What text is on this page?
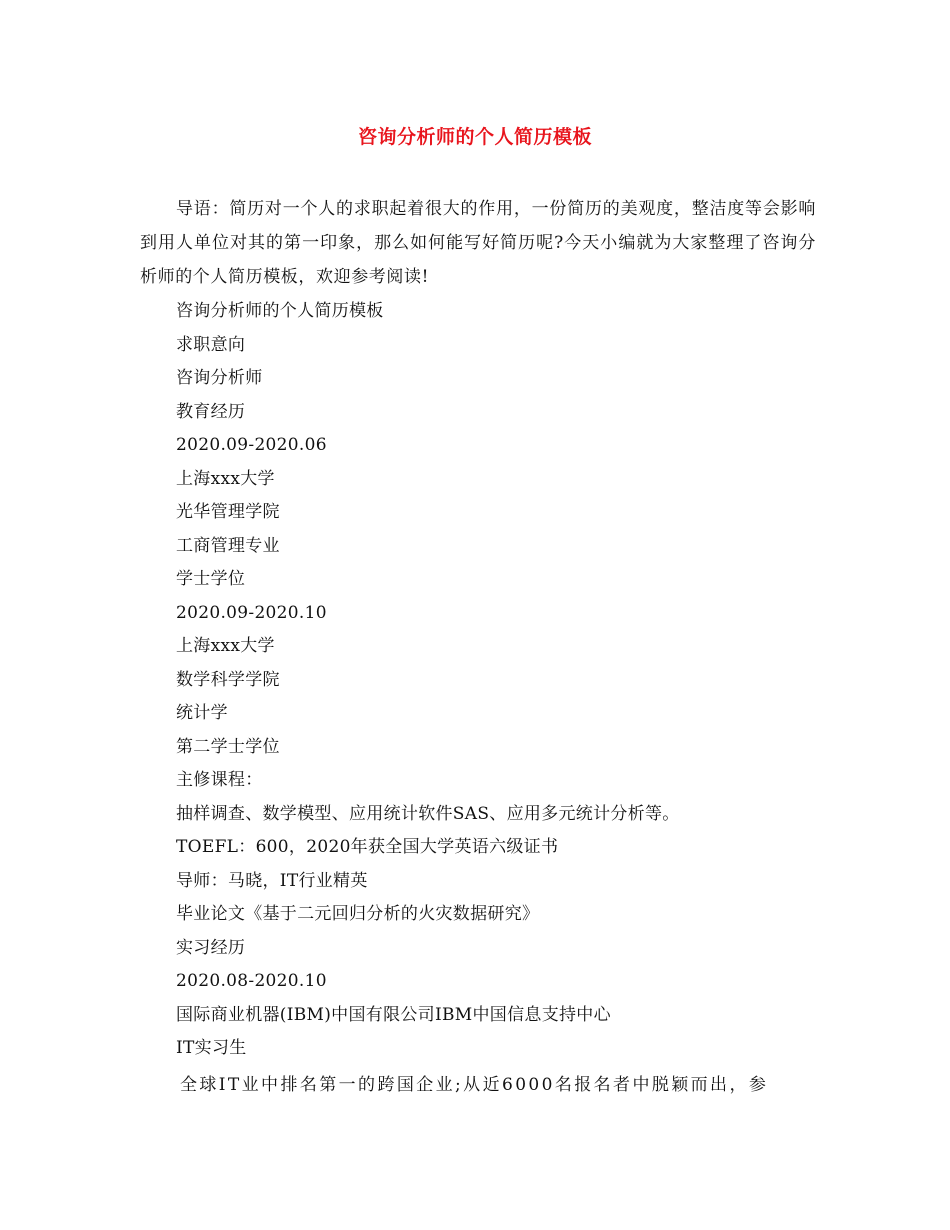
咨询分析师的个人简历模板

导语：简历对一个人的求职起着很大的作用，一份简历的美观度，整洁度等会影响到用人单位对其的第一印象，那么如何能写好简历呢?今天小编就为大家整理了咨询分析师的个人简历模板，欢迎参考阅读!

咨询分析师的个人简历模板
求职意向
咨询分析师
教育经历
2020.09-2020.06
上海xxx大学
光华管理学院
工商管理专业
学士学位
2020.09-2020.10
上海xxx大学
数学科学学院
统计学
第二学士学位
主修课程：
抽样调查、数学模型、应用统计软件SAS、应用多元统计分析等。
TOEFL：600，2020年获全国大学英语六级证书
导师：马晓，IT行业精英
毕业论文《基于二元回归分析的火灾数据研究》
实习经历
2020.08-2020.10
国际商业机器(IBM)中国有限公司IBM中国信息支持中心
IT实习生

全球IT业中排名第一的跨国企业;从近6000名报名者中脱颖而出，参
